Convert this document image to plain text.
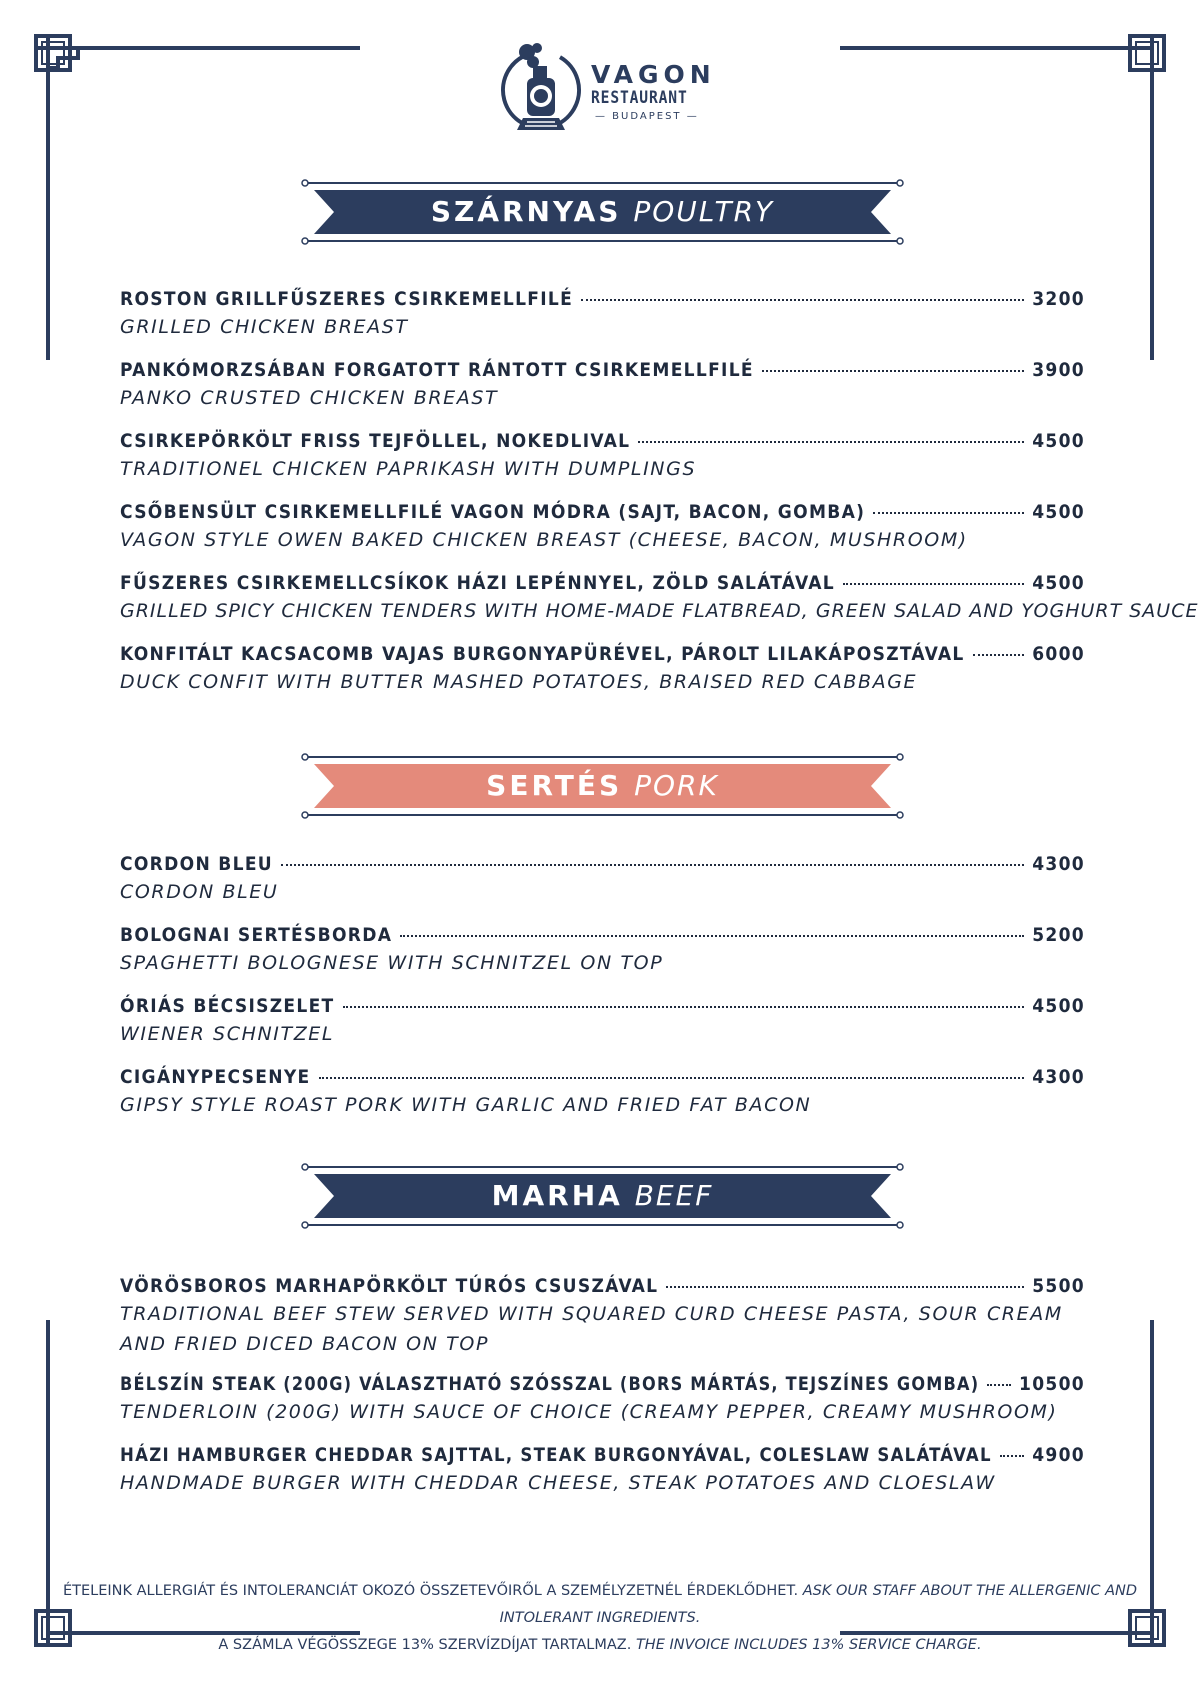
VAGON
RESTAURANT
— BUDAPEST —
SZÁRNYAS POULTRY
ROSTON GRILLFŰSZERES CSIRKEMELLFILÉ	3200
GRILLED CHICKEN BREAST
PANKÓMORZSÁBAN FORGATOTT RÁNTOTT CSIRKEMELLFILÉ	3900
PANKO CRUSTED CHICKEN BREAST
CSIRKEPÖRKÖLT FRISS TEJFÖLLEL, NOKEDLIVAL	4500
TRADITIONEL CHICKEN PAPRIKASH WITH DUMPLINGS
CSŐBENSÜLT CSIRKEMELLFILÉ VAGON MÓDRA (SAJT, BACON, GOMBA)	4500
VAGON STYLE OWEN BAKED CHICKEN BREAST (CHEESE, BACON, MUSHROOM)
FŰSZERES CSIRKEMELLCSÍKOK HÁZI LEPÉNNYEL, ZÖLD SALÁTÁVAL	4500
GRILLED SPICY CHICKEN TENDERS WITH HOME-MADE FLATBREAD, GREEN SALAD AND YOGHURT SAUCE
KONFITÁLT KACSACOMB VAJAS BURGONYAPÜRÉVEL, PÁROLT LILAKÁPOSZTÁVAL	6000
DUCK CONFIT WITH BUTTER MASHED POTATOES, BRAISED RED CABBAGE
SERTÉS PORK
CORDON BLEU	4300
CORDON BLEU
BOLOGNAI SERTÉSBORDA	5200
SPAGHETTI BOLOGNESE WITH SCHNITZEL ON TOP
ÓRIÁS BÉCSISZELET	4500
WIENER SCHNITZEL
CIGÁNYPECSENYE	4300
GIPSY STYLE ROAST PORK WITH GARLIC AND FRIED FAT BACON
MARHA BEEF
VÖRÖSBOROS MARHAPÖRKÖLT TÚRÓS CSUSZÁVAL	5500
TRADITIONAL BEEF STEW SERVED WITH SQUARED CURD CHEESE PASTA, SOUR CREAM
AND FRIED DICED BACON ON TOP
BÉLSZÍN STEAK (200G) VÁLASZTHATÓ SZÓSSZAL (BORS MÁRTÁS, TEJSZÍNES GOMBA) 10500
TENDERLOIN (200G) WITH SAUCE OF CHOICE (CREAMY PEPPER, CREAMY MUSHROOM)
HÁZI HAMBURGER CHEDDAR SAJTTAL, STEAK BURGONYÁVAL, COLESLAW SALÁTÁVAL 4900
HANDMADE BURGER WITH CHEDDAR CHEESE, STEAK POTATOES AND CLOESLAW
ÉTELEINK ALLERGIÁT ÉS INTOLERANCIÁT OKOZÓ ÖSSZETEVŐIRŐL A SZEMÉLYZETNÉL ÉRDEKLŐDHET. ASK OUR STAFF ABOUT THE ALLERGENIC AND INTOLERANT INGREDIENTS.
A SZÁMLA VÉGÖSSZEGE 13% SZERVÍZDÍJAT TARTALMAZ. THE INVOICE INCLUDES 13% SERVICE CHARGE.
